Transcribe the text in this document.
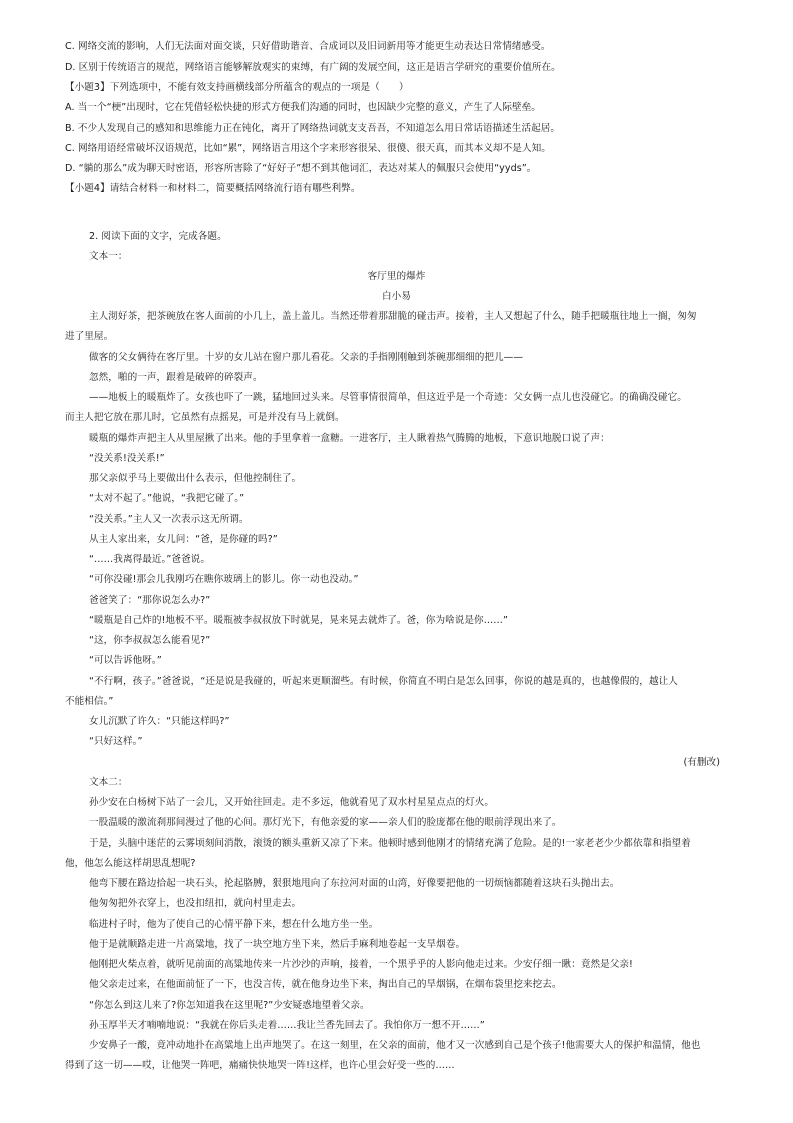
C. 网络交流的影响，人们无法面对面交谈，只好借助谐音、合成词以及旧词新用等才能更生动表达日常情绪感受。
D. 区别于传统语言的规范，网络语言能够解放观实的束缚，有广阔的发展空间，这正是语言学研究的重要价值所在。
【小题3】下列选项中，不能有效支持画横线部分所蕴含的观点的一项是（　　）
A. 当一个“梗”出现时，它在凭借轻松快捷的形式方便我们沟通的同时，也因缺少完整的意义，产生了人际壁垒。
B. 不少人发现自己的感知和思维能力正在钝化，离开了网络热词就支支吾吾，不知道怎么用日常话语描述生活起居。
C. 网络用语经常破坏汉语规范，比如“累”，网络语言用这个字来形容很呆、很傻、很天真，而其本义却不是人知。
D. “躺的那么”成为聊天时密语，形容所害除了“好好子”想不到其他词汇，表达对某人的佩服只会使用“yyds”。
【小题4】请结合材料一和材料二，简要概括网络流行语有哪些利弊。
2. 阅读下面的文字，完成各题。
文本一：
客厅里的爆炸
白小易
主人沏好茶，把茶碗放在客人面前的小几上，盖上盖儿。当然还带着那甜脆的碰击声。接着，主人又想起了什么，随手把暖瓶往地上一搁，匆匆
进了里屋。
做客的父女俩待在客厅里。十岁的女儿站在窗户那儿看花。父亲的手指刚刚触到茶碗那细细的把儿——
忽然，啪的一声，跟着是破碎的碎裂声。
——地板上的暖瓶炸了。女孩也吓了一跳，猛地回过头来。尽管事情很简单，但这近乎是一个奇迹：父女俩一点儿也没碰它。的确确没碰它。
而主人把它放在那儿时，它虽然有点摇晃，可是并没有马上就倒。
暖瓶的爆炸声把主人从里屋揪了出来。他的手里拿着一盒糖。一进客厅，主人瞅着热气腾腾的地板，下意识地脱口说了声：
“没关系!没关系!”
那父亲似乎马上要做出什么表示，但他控制住了。
“太对不起了。”他说，“我把它碰了。”
“没关系。”主人又一次表示这无所谓。
从主人家出来，女儿问：“爸，是你碰的吗?”
“……我离得最近。”爸爸说。
“可你没碰!那会儿我刚巧在瞧你玻璃上的影儿。你一动也没动。”
爸爸笑了：“那你说怎么办?”
“暖瓶是自己炸的!地板不平。暖瓶被李叔叔放下时就晃，晃来晃去就炸了。爸，你为啥说是你……”
“这，你李叔叔怎么能看见?”
“可以告诉他呀。”
“不行啊，孩子。”爸爸说，“还是说是我碰的，听起来更顺溜些。有时候，你简直不明白是怎么回事，你说的越是真的，也越像假的，越让人
不能相信。”
女儿沉默了许久：“只能这样吗?”
“只好这样。”
(有删改)
文本二：
孙少安在白杨树下站了一会儿，又开始往回走。走不多远，他就看见了双水村星星点点的灯火。
一股温暖的激流刹那间漫过了他的心间。那灯光下，有他亲爱的家——亲人们的脸庞都在他的眼前浮现出来了。
于是，头脑中迷茫的云雾顷刻间消散，滚烫的额头重新又凉了下来。他顿时感到他刚才的情绪充满了危险。是的!一家老老少少都依靠和指望着
他，他怎么能这样胡思乱想呢?
他弯下腰在路边拾起一块石头，抡起胳膊，狠狠地甩向了东拉河对面的山湾，好像要把他的一切烦恼都随着这块石头抛出去。
他匆匆把外衣穿上，也没扣纽扣，就向村里走去。
临进村子时，他为了使自己的心情平静下来，想在什么地方坐一坐。
他于是就顺路走进一片高粱地，找了一块空地方坐下来，然后手麻利地卷起一支旱烟卷。
他刚把火柴点着，就听见前面的高粱地传来一片沙沙的声响，接着，一个黑乎乎的人影向他走过来。少安仔细一瞅：竟然是父亲!
他父亲走过来，在他面前怔了一下，也没言传，就在他身边坐下来，掏出自己的旱烟锅，在烟布袋里挖来挖去。
“你怎么到这儿来了?你怎知道我在这里呢?”少安疑惑地望着父亲。
孙玉厚半天才喃喃地说：“我就在你后头走着……我让兰香先回去了。我怕你万一想不开……”
少安鼻子一酸，竟冲动地扑在高粱地上出声地哭了。在这一刻里，在父亲的面前，他才又一次感到自己是个孩子!他需要大人的保护和温情，他也
得到了这一切——哎，让他哭一阵吧，痛痛快快地哭一阵!这样，也许心里会好受一些的……
